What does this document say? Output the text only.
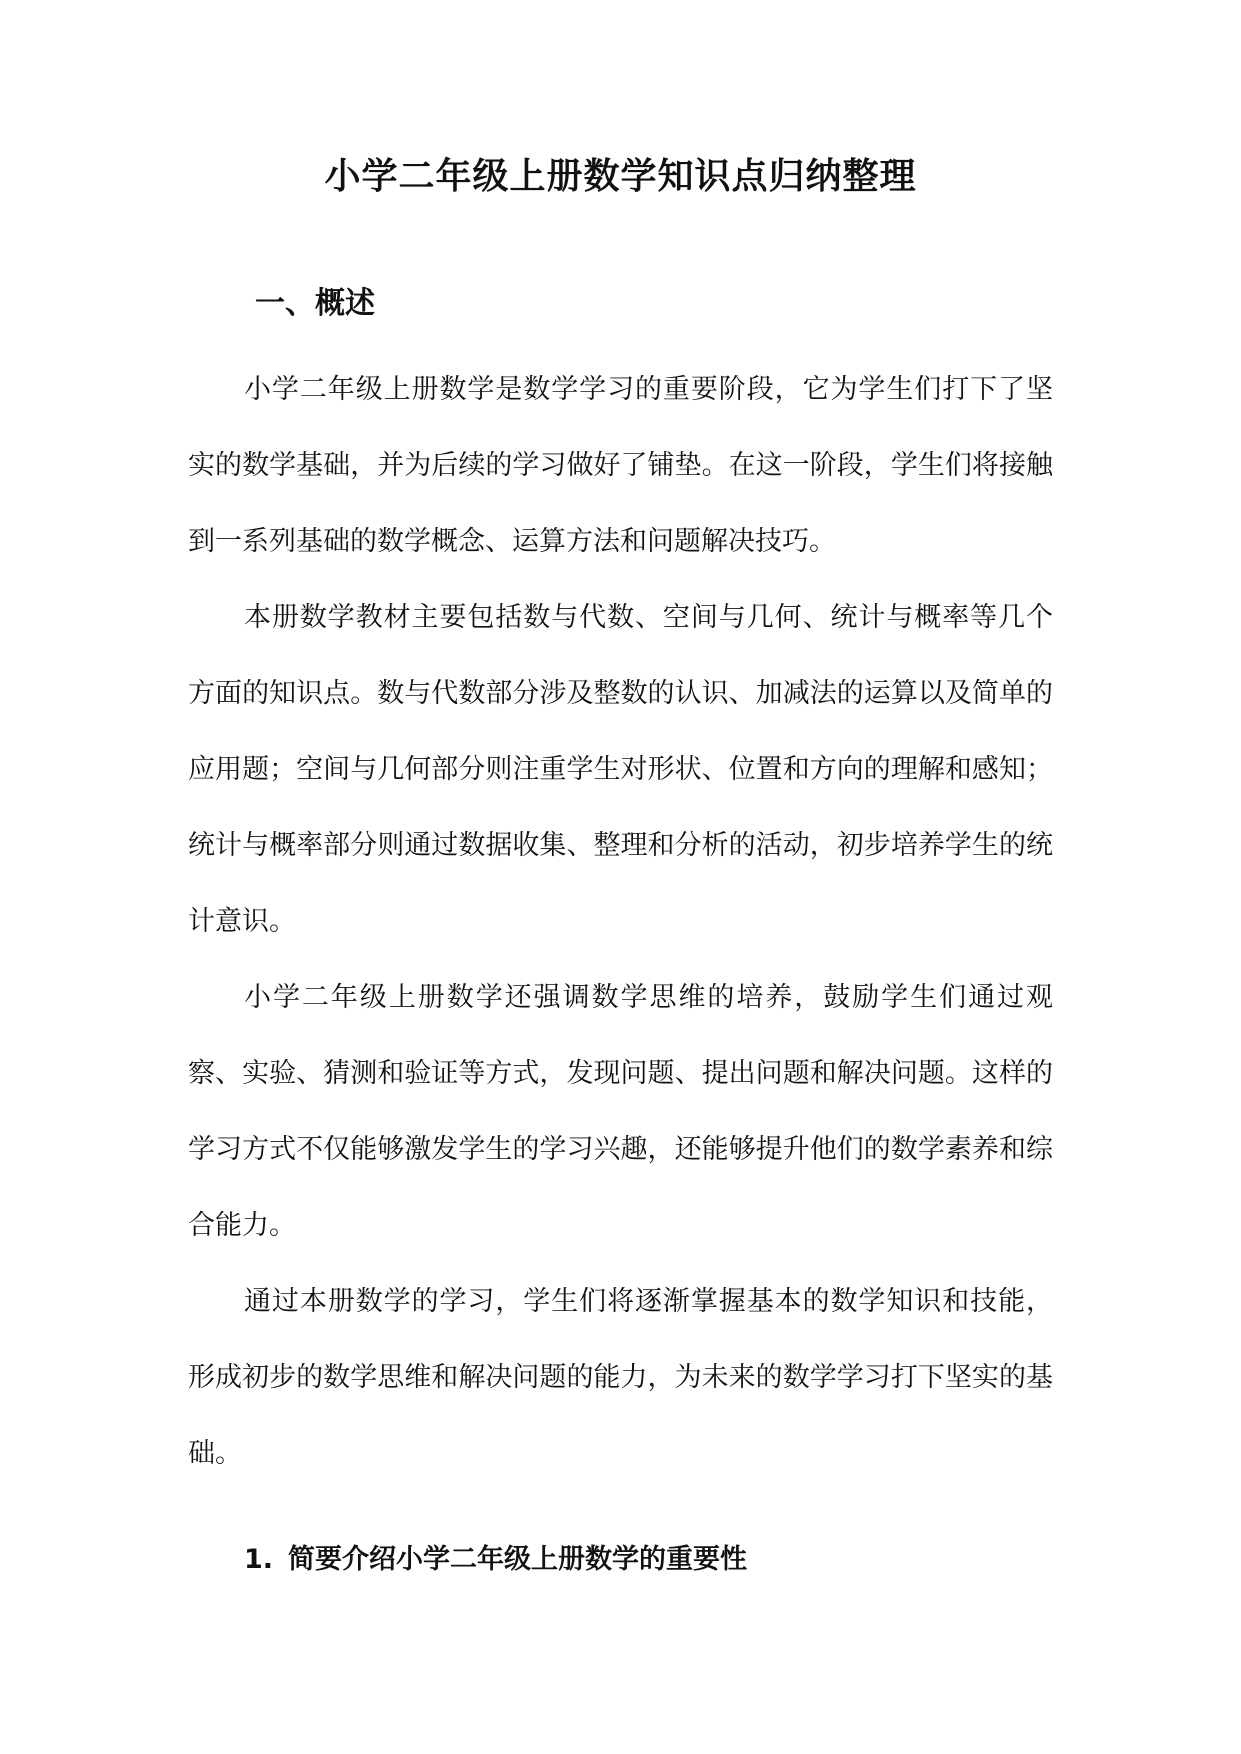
小学二年级上册数学知识点归纳整理
一、概述

小学二年级上册数学是数学学习的重要阶段，它为学生们打下了坚实的数学基础，并为后续的学习做好了铺垫。在这一阶段，学生们将接触到一系列基础的数学概念、运算方法和问题解决技巧。

本册数学教材主要包括数与代数、空间与几何、统计与概率等几个方面的知识点。数与代数部分涉及整数的认识、加减法的运算以及简单的应用题；空间与几何部分则注重学生对形状、位置和方向的理解和感知；统计与概率部分则通过数据收集、整理和分析的活动，初步培养学生的统计意识。

小学二年级上册数学还强调数学思维的培养，鼓励学生们通过观察、实验、猜测和验证等方式，发现问题、提出问题和解决问题。这样的学习方式不仅能够激发学生的学习兴趣，还能够提升他们的数学素养和综合能力。

通过本册数学的学习，学生们将逐渐掌握基本的数学知识和技能，形成初步的数学思维和解决问题的能力，为未来的数学学习打下坚实的基础。

1. 简要介绍小学二年级上册数学的重要性
